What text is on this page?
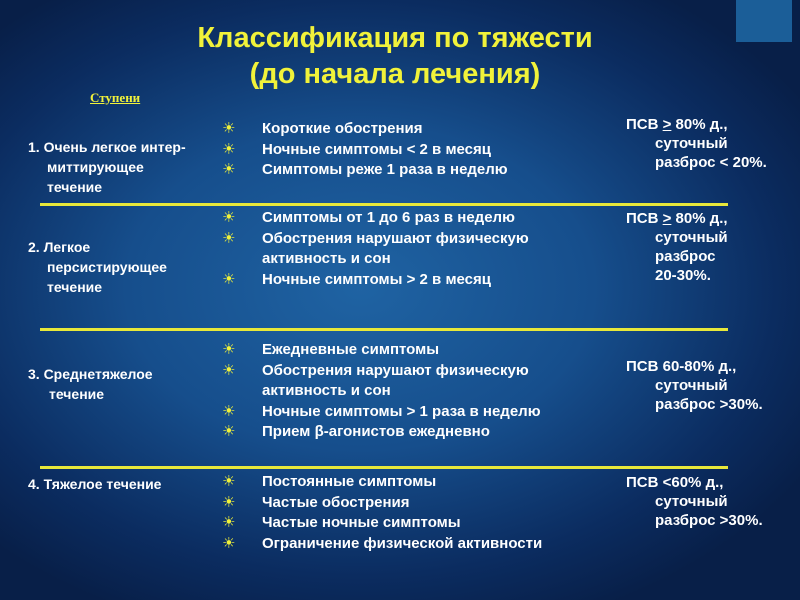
Классификация по тяжести
(до начала лечения)
Ступени
1. Очень легкое интер-
миттирующее
течение
☀ Короткие обострения
☀ Ночные симптомы < 2 в месяц
☀ Симптомы реже 1 раза в неделю
ПСВ > 80% д.,
суточный
разброс < 20%.
2. Легкое
персистирующее
течение
☀ Симптомы от 1 до 6 раз в неделю
☀ Обострения нарушают физическую
активность и сон
☀ Ночные симптомы > 2 в месяц
ПСВ > 80% д.,
суточный
разброс
20-30%.
3. Среднетяжелое
течение
☀ Ежедневные симптомы
☀ Обострения нарушают физическую
активность и сон
☀ Ночные симптомы > 1 раза в неделю
☀ Прием β-агонистов ежедневно
ПСВ 60-80% д.,
суточный
разброс >30%.
4. Тяжелое течение	☀ Постоянные симптомы
☀ Частые обострения
☀ Частые ночные симптомы
☀ Ограничение физической активности
ПСВ <60% д.,
суточный
разброс >30%.
